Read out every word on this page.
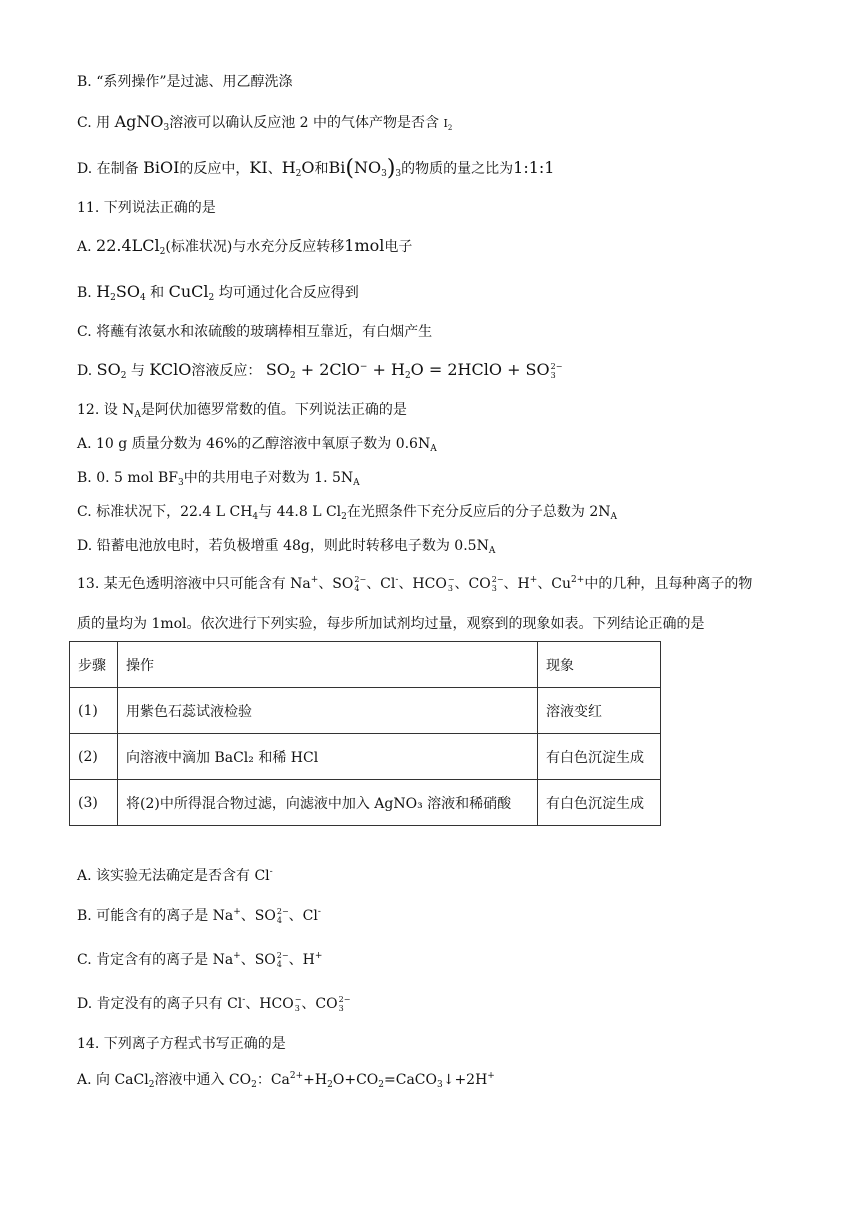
B. “系列操作”是过滤、用乙醇洗涤
C. 用 AgNO$_3$溶液可以确认反应池 2 中的气体产物是否含 $I_2$
D. 在制备 BiOI的反应中，KI、$H_2O$和$Bi(NO_3)_3$的物质的量之比为1:1:1
11. 下列说法正确的是
A. 22.4LCl$_2$(标准状况)与水充分反应转移1mol电子
B. $H_2SO_4$ 和 CuCl$_2$ 均可通过化合反应得到
C. 将蘸有浓氨水和浓硫酸的玻璃棒相互靠近，有白烟产生
D. $SO_2$ 与 KClO溶液反应： $SO_2 + 2ClO^- + H_2O$ = 2HClO + SO 2−
3
12. 设 $N_A$是阿伏加德罗常数的值。下列说法正确的是
A. 10 g 质量分数为 46%的乙醇溶液中氧原子数为 $0.6N_A$
B. 0. 5 mol $BF_3$中的共用电子对数为 1. $5N_A$
C. 标准状况下，22.4 L $CH_4$与 44.8 L $Cl_2$在光照条件下充分反应后的分子总数为 $2N_A$
D. 铅蓄电池放电时，若负极增重 48g，则此时转移电子数为 $0.5N_A$
13. 某无色透明溶液中只可能含有 Na+、SO 2−
4 、Cl-、HCO −
3 、CO 2−
3 、H+、$Cu^{2+}$中的几种，且每种离子的物
质的量均为 1mol。依次进行下列实验，每步所加试剂均过量，观察到的现象如表。下列结论正确的是
步骤	操作	现象
(1)	用紫色石蕊试液检验	溶液变红
(2)	向溶液中滴加 BaCl₂ 和稀 HCl	有白色沉淀生成
(3)	将(2)中所得混合物过滤，向滤液中加入 AgNO₃ 溶液和稀硝酸	有白色沉淀生成
A. 该实验无法确定是否含有 Cl-
B. 可能含有的离子是 Na+、SO 2−
4 、Cl-
C. 肯定含有的离子是 Na+、SO 2−
4 、H+
D. 肯定没有的离子只有 Cl-、HCO −
3 、CO 2−
3
14. 下列离子方程式书写正确的是
A. 向 CaCl$_2$溶液中通入 $CO_2$：$Ca^{2+}+H_2O+CO_2=CaCO_3↓+2H^+$
